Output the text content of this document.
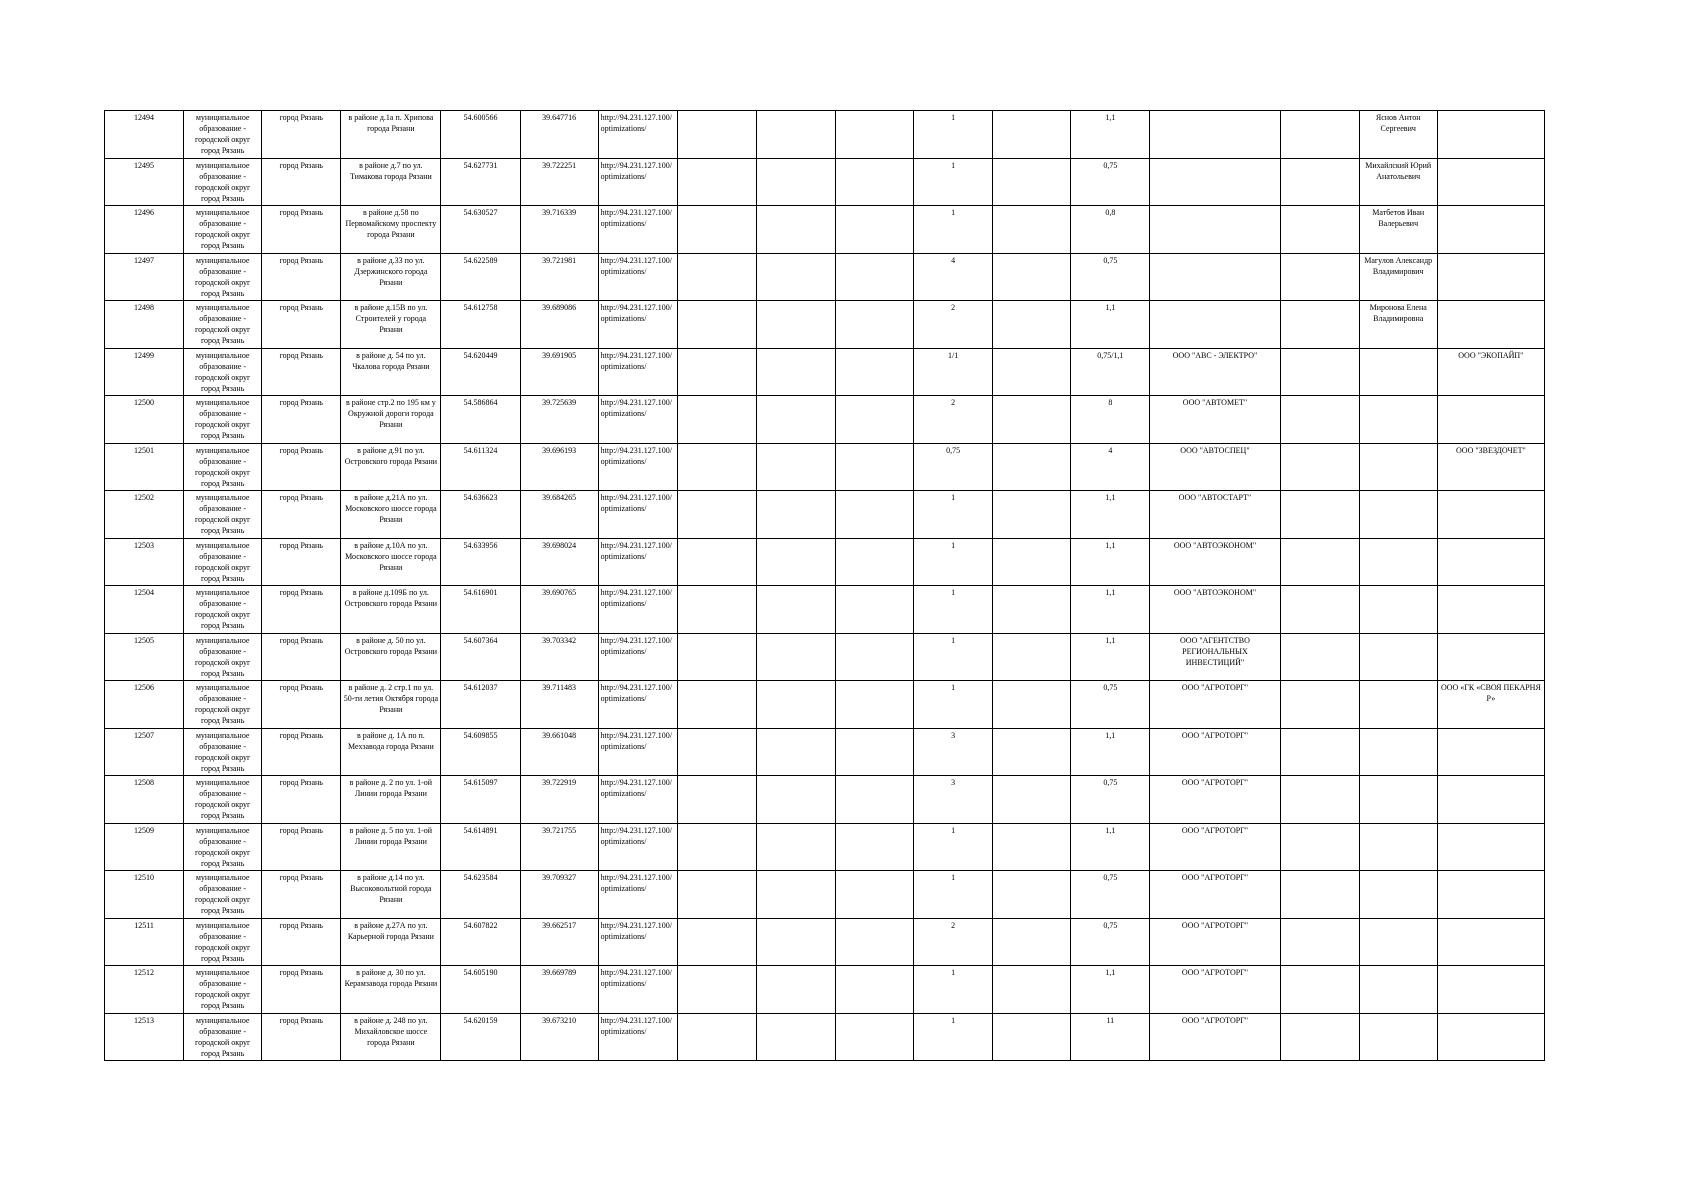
12494	муниципальное образование - городской округ город Рязань	город Рязань	в районе д.1а п. Хрипова города Рязани	54.600566	39.647716	http://94.231.127.100/optimizations/				1		1,1			Яснов Антон Сергеевич	
12495	муниципальное образование - городской округ город Рязань	город Рязань	в районе д.7 по ул. Тимакова города Рязани	54.627731	39.722251	http://94.231.127.100/optimizations/				1		0,75			Михайлский Юрий Анатольевич	
12496	муниципальное образование - городской округ город Рязань	город Рязань	в районе д.58 по Первомайскому проспекту города Рязани	54.630527	39.716339	http://94.231.127.100/optimizations/				1		0,8			Матбетов Иван Валерьевич	
12497	муниципальное образование - городской округ город Рязань	город Рязань	в районе д.33 по ул. Дзержинского города Рязани	54.622589	39.721981	http://94.231.127.100/optimizations/				4		0,75			Магулов Александр Владимирович	
12498	муниципальное образование - городской округ город Рязань	город Рязань	в районе д.15В по ул. Строителей у города Рязани	54.612758	39.689086	http://94.231.127.100/optimizations/				2		1,1			Миронова Елена Владимировна	
12499	муниципальное образование - городской округ город Рязань	город Рязань	в районе д. 54 по ул. Чкалова города Рязани	54.620449	39.691905	http://94.231.127.100/optimizations/				1/1		0,75/1,1	ООО "АВС - ЭЛЕКТРО"			ООО "ЭКОПАЙП"
12500	муниципальное образование - городской округ город Рязань	город Рязань	в районе стр.2 по 195 км у Окружной дороги города Рязани	54.586864	39.725639	http://94.231.127.100/optimizations/				2		8	ООО "АВТОМЕТ"			
12501	муниципальное образование - городской округ город Рязань	город Рязань	в районе д.91 по ул. Островского города Рязани	54.611324	39.696193	http://94.231.127.100/optimizations/				0,75		4	ООО "АВТОСПЕЦ"			ООО "ЗВЕЗДОЧЕТ"
12502	муниципальное образование - городской округ город Рязань	город Рязань	в районе д.21А по ул. Московского шоссе города Рязани	54.636623	39.684265	http://94.231.127.100/optimizations/				1		1,1	ООО "АВТОСТАРТ"			
12503	муниципальное образование - городской округ город Рязань	город Рязань	в районе д.10А по ул. Московского шоссе города Рязани	54.633956	39.698024	http://94.231.127.100/optimizations/				1		1,1	ООО "АВТОЭКОНОМ"			
12504	муниципальное образование - городской округ город Рязань	город Рязань	в районе д.109Б по ул. Островского города Рязани	54.616901	39.690765	http://94.231.127.100/optimizations/				1		1,1	ООО "АВТОЭКОНОМ"			
12505	муниципальное образование - городской округ город Рязань	город Рязань	в районе д. 50 по ул. Островского города Рязани	54.607364	39.703342	http://94.231.127.100/optimizations/				1		1,1	ООО "АГЕНТСТВО РЕГИОНАЛЬНЫХ ИНВЕСТИЦИЙ"			
12506	муниципальное образование - городской округ город Рязань	город Рязань	в районе д. 2 стр.1 по ул. 50-ти летия Октября города Рязани	54.612037	39.711483	http://94.231.127.100/optimizations/				1		0,75	ООО "АГРОТОРГ"			ООО «ГК «СВОЯ ПЕКАРНЯ Р»
12507	муниципальное образование - городской округ город Рязань	город Рязань	в районе д. 1А по п. Мехзавода города Рязани	54.609855	39.661048	http://94.231.127.100/optimizations/				3		1,1	ООО "АГРОТОРГ"			
12508	муниципальное образование - городской округ город Рязань	город Рязань	в районе д. 2 по ул. 1-ой Линии города Рязани	54.615097	39.722919	http://94.231.127.100/optimizations/				3		0,75	ООО "АГРОТОРГ"			
12509	муниципальное образование - городской округ город Рязань	город Рязань	в районе д. 5 по ул. 1-ой Линии города Рязани	54.614891	39.721755	http://94.231.127.100/optimizations/				1		1,1	ООО "АГРОТОРГ"			
12510	муниципальное образование - городской округ город Рязань	город Рязань	в районе д.14 по ул. Высоковольтной города Рязани	54.623584	39.709327	http://94.231.127.100/optimizations/				1		0,75	ООО "АГРОТОРГ"			
12511	муниципальное образование - городской округ город Рязань	город Рязань	в районе д.27А по ул. Карьерной города Рязани	54.607822	39.662517	http://94.231.127.100/optimizations/				2		0,75	ООО "АГРОТОРГ"			
12512	муниципальное образование - городской округ город Рязань	город Рязань	в районе д. 30 по ул. Керамзавода города Рязани	54.605190	39.669789	http://94.231.127.100/optimizations/				1		1,1	ООО "АГРОТОРГ"			
12513	муниципальное образование - городской округ город Рязань	город Рязань	в районе д. 248 по ул. Михайловское шоссе города Рязани	54.620159	39.673210	http://94.231.127.100/optimizations/				1		11	ООО "АГРОТОРГ"			
